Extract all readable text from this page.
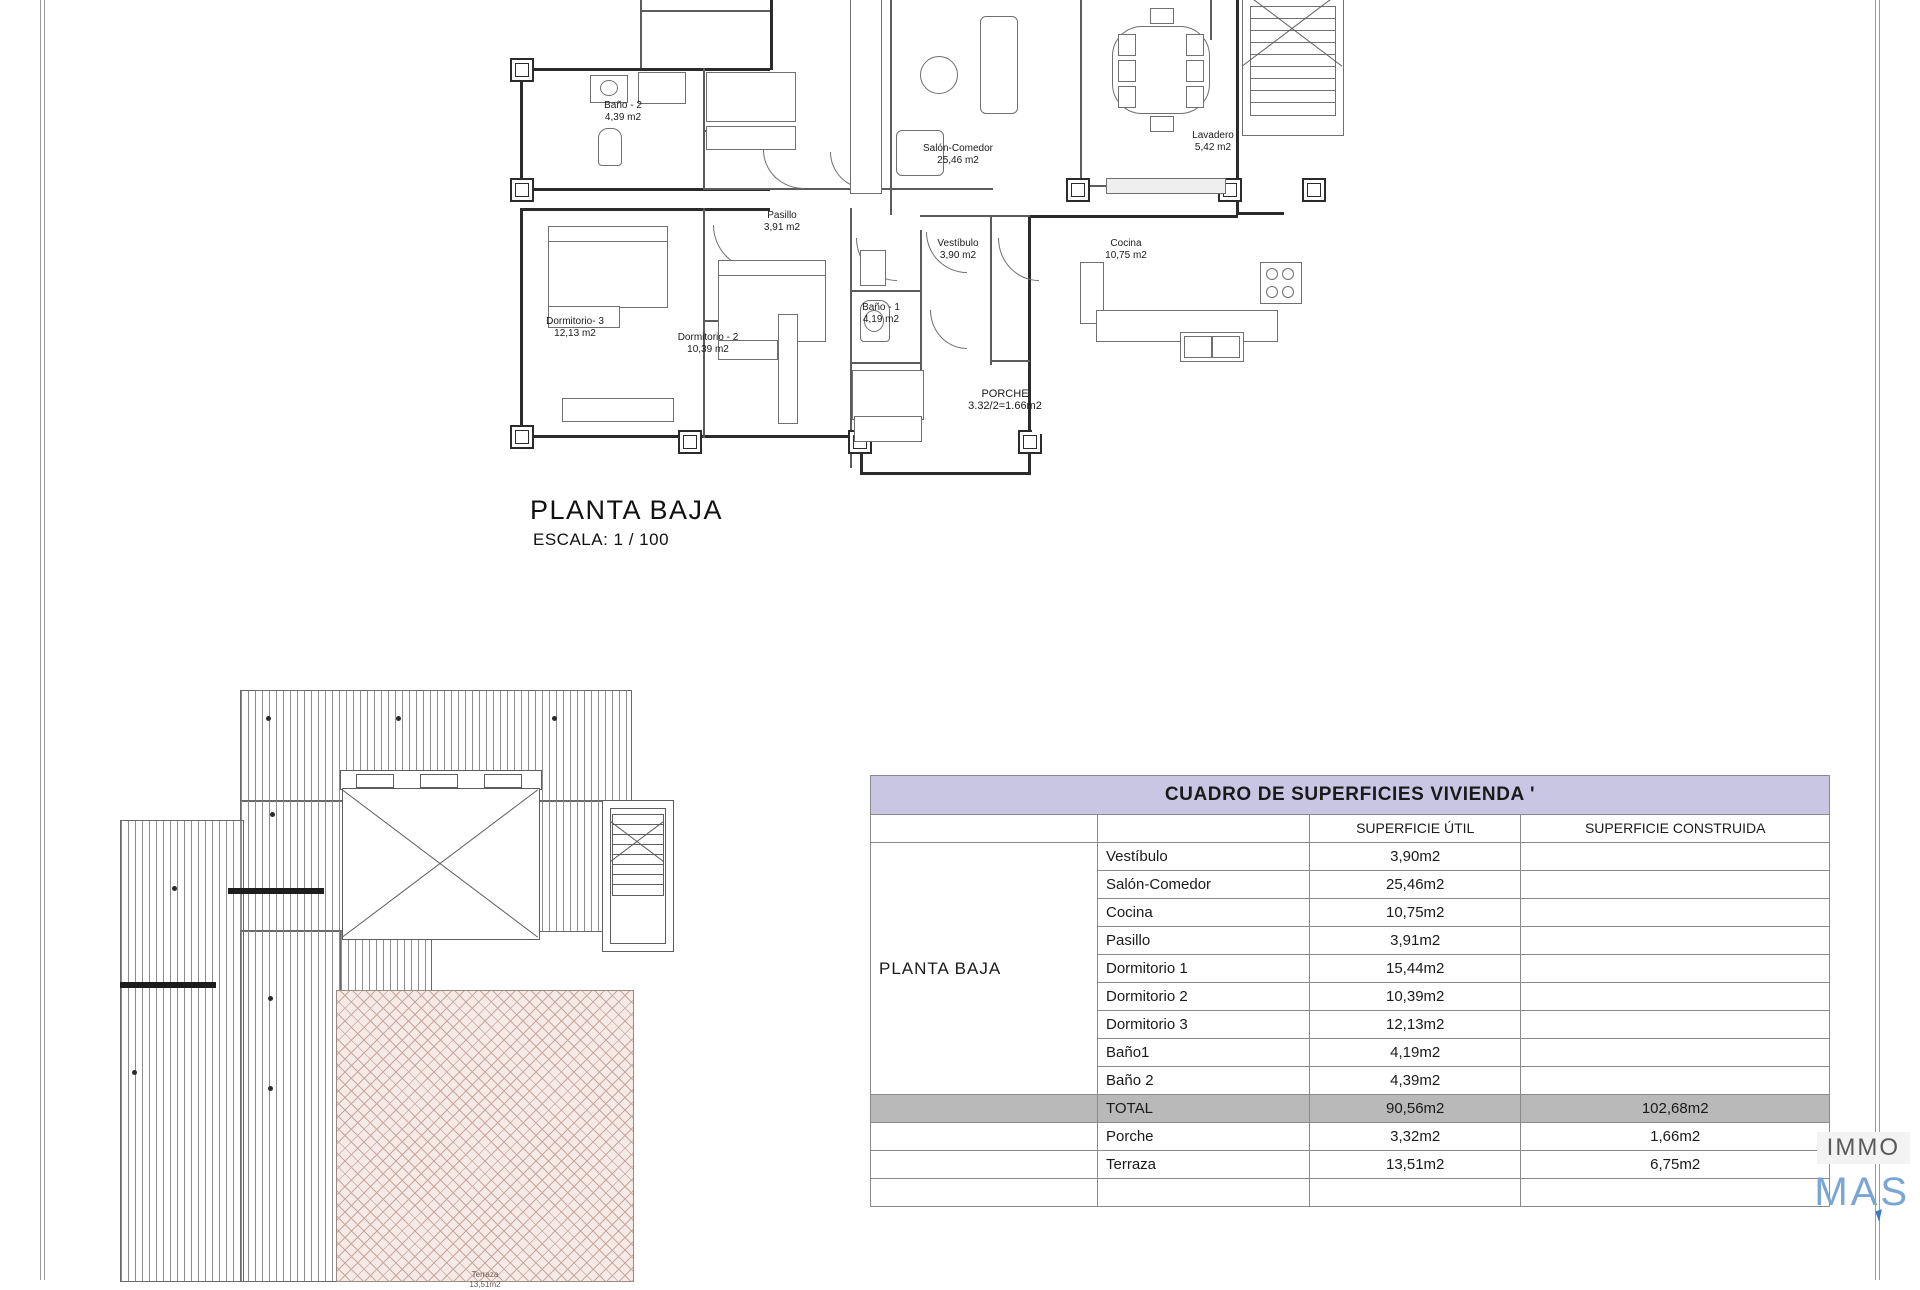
Baño - 2
4,39 m2
Salón-Comedor
25,46 m2
Lavadero
5,42 m2
Pasillo
3,91 m2
Vestíbulo
3,90 m2
Cocina
10,75 m2
Dormitorio- 3
12,13 m2	Dormitorio - 2
10,39 m2
Baño - 1
4,19 m2
PORCHE
3.32/2=1.66m2
PLANTA BAJA
ESCALA: 1 / 100
Terraza
13,51m2
CUADRO DE SUPERFICIES VIVIENDA '			
		SUPERFICIE ÚTIL	SUPERFICIE CONSTRUIDA
PLANTA BAJA	Vestíbulo	3,90m2	
	Salón-Comedor	25,46m2	
	Cocina	10,75m2	
	Pasillo	3,91m2	
	Dormitorio 1	15,44m2	
	Dormitorio 2	10,39m2	
	Dormitorio 3	12,13m2	
	Baño1	4,19m2	
	Baño 2	4,39m2	
	TOTAL	90,56m2	102,68m2
	Porche	3,32m2	1,66m2
	Terraza	13,51m2	6,75m2

IMMO
MAS
